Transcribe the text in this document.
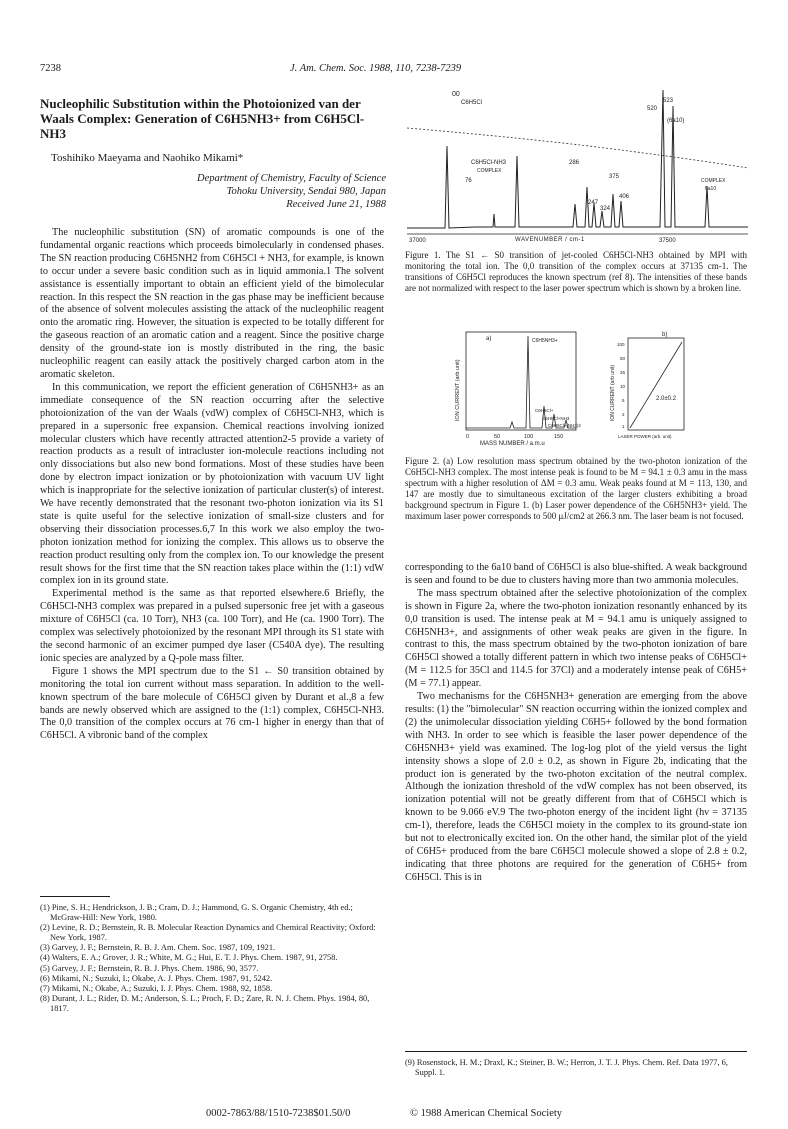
7238	J. Am. Chem. Soc. 1988, 110, 7238-7239
Nucleophilic Substitution within the Photoionized van der Waals Complex: Generation of C6H5NH3+ from C6H5Cl-NH3
Toshihiko Maeyama and Naohiko Mikami*
Department of Chemistry, Faculty of Science
Tohoku University, Sendai 980, Japan
Received June 21, 1988

The nucleophilic substitution (SN) of aromatic compounds is one of the fundamental organic reactions which proceeds bimolecularly in condensed phases. The SN reaction producing C6H5NH2 from C6H5Cl + NH3, for example, is known to occur under a severe basic condition such as in liquid ammonia.1 The solvent assistance is essentially important to obtain an efficient yield of the bimolecular reaction. In this respect the SN reaction in the gas phase may be inefficient because of the absence of solvent molecules assisting the attack of the nucleophilic reagent onto the aromatic ring. However, the situation is expected to be totally different for the gaseous reaction of an aromatic cation and a reagent. Since the positive charge density of the ground-state ion is mostly distributed in the ring, the basic nucleophilic reagent can easily attack the positively charged carbon atom in the aromatic skeleton.

In this communication, we report the efficient generation of C6H5NH3+ as an immediate consequence of the SN reaction occurring after the selective photoionization of the van der Waals (vdW) complex of C6H5Cl-NH3, which is prepared in a supersonic free expansion. Chemical reactions involving ionized molecular clusters which have recently attracted attention2-5 provide a variety of reaction products as a result of intracluster ion-molecule reactions including not only dissociations but also new bond formations. Most of these studies have been done by electron impact ionization or by photoionization with vacuum UV light which is inappropriate for the selective ionization of particular cluster(s) of interest. We have recently demonstrated that the resonant two-photon ionization via its S1 state is quite useful for the selective ionization of small-size clusters and for observing their dissociation processes.6,7 In this work we also employ the two-photon ionization method for ionizing the complex. This allows us to observe the reaction product resulting only from the complex ion. To our knowledge the present result shows for the first time that the SN reaction takes place within the (1:1) vdW complex ion in its ground state.

Experimental method is the same as that reported elsewhere.6 Briefly, the C6H5Cl-NH3 complex was prepared in a pulsed supersonic free jet with a gaseous mixture of C6H5Cl (ca. 10 Torr), NH3 (ca. 100 Torr), and He (ca. 1900 Torr). The complex was selectively photoionized by the resonant MPI through its S1 state with the second harmonic of an excimer pumped dye laser (C540A dye). The resulting ionic species are analyzed by a Q-pole mass filter.

Figure 1 shows the MPI spectrum due to the S1 ← S0 transition obtained by monitoring the total ion current without mass separation. In addition to the well-known spectrum of the bare molecule of C6H5Cl given by Durant et al.,8 a few bands are newly observed which are assigned to the (1:1) complex, C6H5Cl-NH3. The 0,0 transition of the complex occurs at 76 cm-1 higher in energy than that of C6H5Cl. A vibronic band of the complex

(1) Pine, S. H.; Hendrickson, J. B.; Cram, D. J.; Hammond, G. S. Organic Chemistry, 4th ed.; McGraw-Hill: New York, 1980.
(2) Levine, R. D.; Bernstein, R. B. Molecular Reaction Dynamics and Chemical Reactivity; Oxford: New York, 1987.
(3) Garvey, J. F.; Bernstein, R. B. J. Am. Chem. Soc. 1987, 109, 1921.
(4) Walters, E. A.; Grover, J. R.; White, M. G.; Hui, E. T. J. Phys. Chem. 1987, 91, 2758.
(5) Garvey, J. F.; Bernstein, R. B. J. Phys. Chem. 1986, 90, 3577.
(6) Mikami, N.; Suzuki, I.; Okabe, A. J. Phys. Chem. 1987, 91, 5242.
(7) Mikami, N.; Okabe, A.; Suzuki, I. J. Phys. Chem. 1988, 92, 1858.
(8) Durant, J. L.; Rider, D. M.; Anderson, S. L.; Proch, F. D.; Zare, R. N. J. Chem. Phys. 1984, 80, 1817.
00
C6H5Cl	523
520
(6a10)
C6H5Cl-NH3
COMPLEX
76
286
375
247
324
406
COMPLEX
6a10
37000	37500
WAVENUMBER / cm-1
Figure 1. The S1 ← S0 transition of jet-cooled C6H5Cl-NH3 obtained by MPI with monitoring the total ion. The 0,0 transition of the complex occurs at 37135 cm-1. The transitions of C6H5Cl reproduces the known spectrum (ref 8). The intensities of these bands are not normalized with respect to the laser power spectrum which is shown by a broken line.
a)	C6H5NH3+
C6H5Cl+
C6H5Cl+NH3
C6H5Cl+(NH3)2
0	50	100	150
ION CURRENT (arb unit)
b)
100
50
25
10
5
2
1
2.0±0.2
LASER POWER (arb. unit)
ION CURRENT (arb unit)
MASS NUMBER / a.m.u
Figure 2. (a) Low resolution mass spectrum obtained by the two-photon ionization of the C6H5Cl-NH3 complex. The most intense peak is found to be M = 94.1 ± 0.3 amu in the mass spectrum with a higher resolution of ΔM = 0.3 amu. Weak peaks found at M = 113, 130, and 147 are mostly due to simultaneous excitation of the larger clusters exhibiting a broad background spectrum in Figure 1. (b) Laser power dependence of the C6H5NH3+ yield. The maximum laser power corresponds to 500 μJ/cm2 at 266.3 nm. The laser beam is not focused.

corresponding to the 6a10 band of C6H5Cl is also blue-shifted. A weak background is seen and found to be due to clusters having more than two ammonia molecules.

The mass spectrum obtained after the selective photoionization of the complex is shown in Figure 2a, where the two-photon ionization resonantly enhanced by its 0,0 transition is used. The intense peak at M = 94.1 amu is uniquely assigned to C6H5NH3+, and assignments of other weak peaks are given in the figure. In contrast to this, the mass spectrum obtained by the two-photon ionization of bare C6H5Cl showed a totally different pattern in which two intense peaks of C6H5Cl+ (M = 112.5 for 35Cl and 114.5 for 37Cl) and a moderately intense peak of C6H5+ (M = 77.1) appear.

Two mechanisms for the C6H5NH3+ generation are emerging from the above results: (1) the "bimolecular" SN reaction occurring within the ionized complex and (2) the unimolecular dissociation yielding C6H5+ followed by the bond formation with NH3. In order to see which is feasible the laser power dependence of the C6H5NH3+ yield was examined. The log-log plot of the yield versus the light intensity shows a slope of 2.0 ± 0.2, as shown in Figure 2b, indicating that the product ion is generated by the two-photon excitation of the neutral complex. Although the ionization threshold of the vdW complex has not been observed, its ionization potential will not be greatly different from that of C6H5Cl which is known to be 9.066 eV.9 The two-photon energy of the incident light (hν = 37135 cm-1), therefore, leads the C6H5Cl moiety in the complex to its ground-state ion but not to electronically excited ion. On the other hand, the similar plot of the yield of C6H5+ produced from the bare C6H5Cl molecule showed a slope of 2.8 ± 0.2, indicating that three photons are required for the generation of C6H5+ from C6H5Cl. This is in

(9) Rosenstock, H. M.; Draxl, K.; Steiner, B. W.; Herron, J. T. J. Phys. Chem. Ref. Data 1977, 6, Suppl. 1.
0002-7863/88/1510-7238$01.50/0	© 1988 American Chemical Society
